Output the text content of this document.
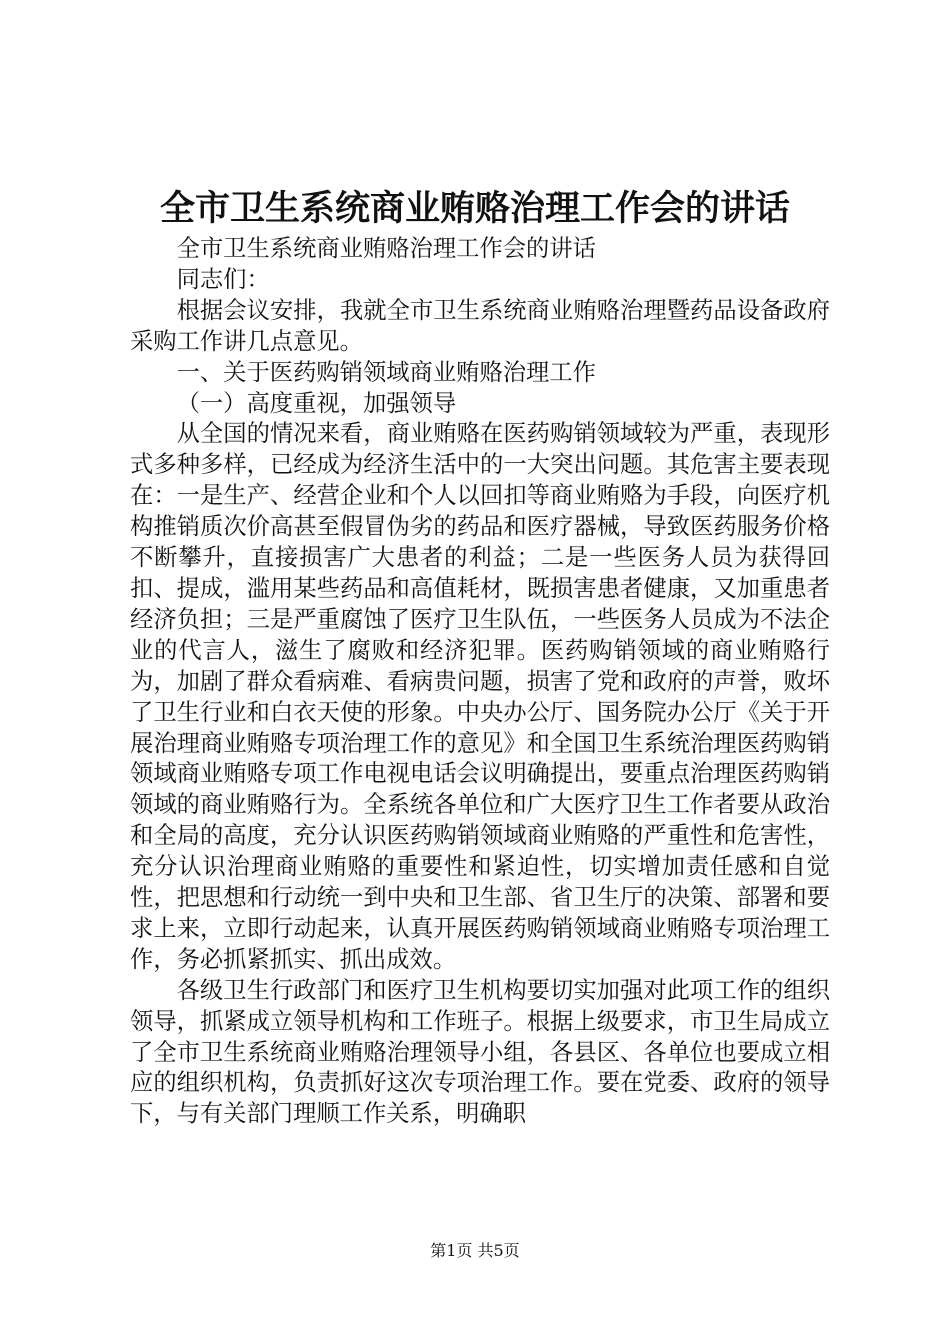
全市卫生系统商业贿赂治理工作会的讲话

全市卫生系统商业贿赂治理工作会的讲话

同志们：

根据会议安排，我就全市卫生系统商业贿赂治理暨药品设备政府采购工作讲几点意见。

一、关于医药购销领域商业贿赂治理工作

（一）高度重视，加强领导

从全国的情况来看，商业贿赂在医药购销领域较为严重，表现形式多种多样，已经成为经济生活中的一大突出问题。其危害主要表现在：一是生产、经营企业和个人以回扣等商业贿赂为手段，向医疗机构推销质次价高甚至假冒伪劣的药品和医疗器械，导致医药服务价格不断攀升，直接损害广大患者的利益；二是一些医务人员为获得回扣、提成，滥用某些药品和高值耗材，既损害患者健康，又加重患者经济负担；三是严重腐蚀了医疗卫生队伍，一些医务人员成为不法企业的代言人，滋生了腐败和经济犯罪。医药购销领域的商业贿赂行为，加剧了群众看病难、看病贵问题，损害了党和政府的声誉，败坏了卫生行业和白衣天使的形象。中央办公厅、国务院办公厅《关于开展治理商业贿赂专项治理工作的意见》和全国卫生系统治理医药购销领域商业贿赂专项工作电视电话会议明确提出，要重点治理医药购销领域的商业贿赂行为。全系统各单位和广大医疗卫生工作者要从政治和全局的高度，充分认识医药购销领域商业贿赂的严重性和危害性，充分认识治理商业贿赂的重要性和紧迫性，切实增加责任感和自觉性，把思想和行动统一到中央和卫生部、省卫生厅的决策、部署和要求上来，立即行动起来，认真开展医药购销领域商业贿赂专项治理工作，务必抓紧抓实、抓出成效。

各级卫生行政部门和医疗卫生机构要切实加强对此项工作的组织领导，抓紧成立领导机构和工作班子。根据上级要求，市卫生局成立了全市卫生系统商业贿赂治理领导小组，各县区、各单位也要成立相应的组织机构，负责抓好这次专项治理工作。要在党委、政府的领导下，与有关部门理顺工作关系，明确职

第1页 共5页
